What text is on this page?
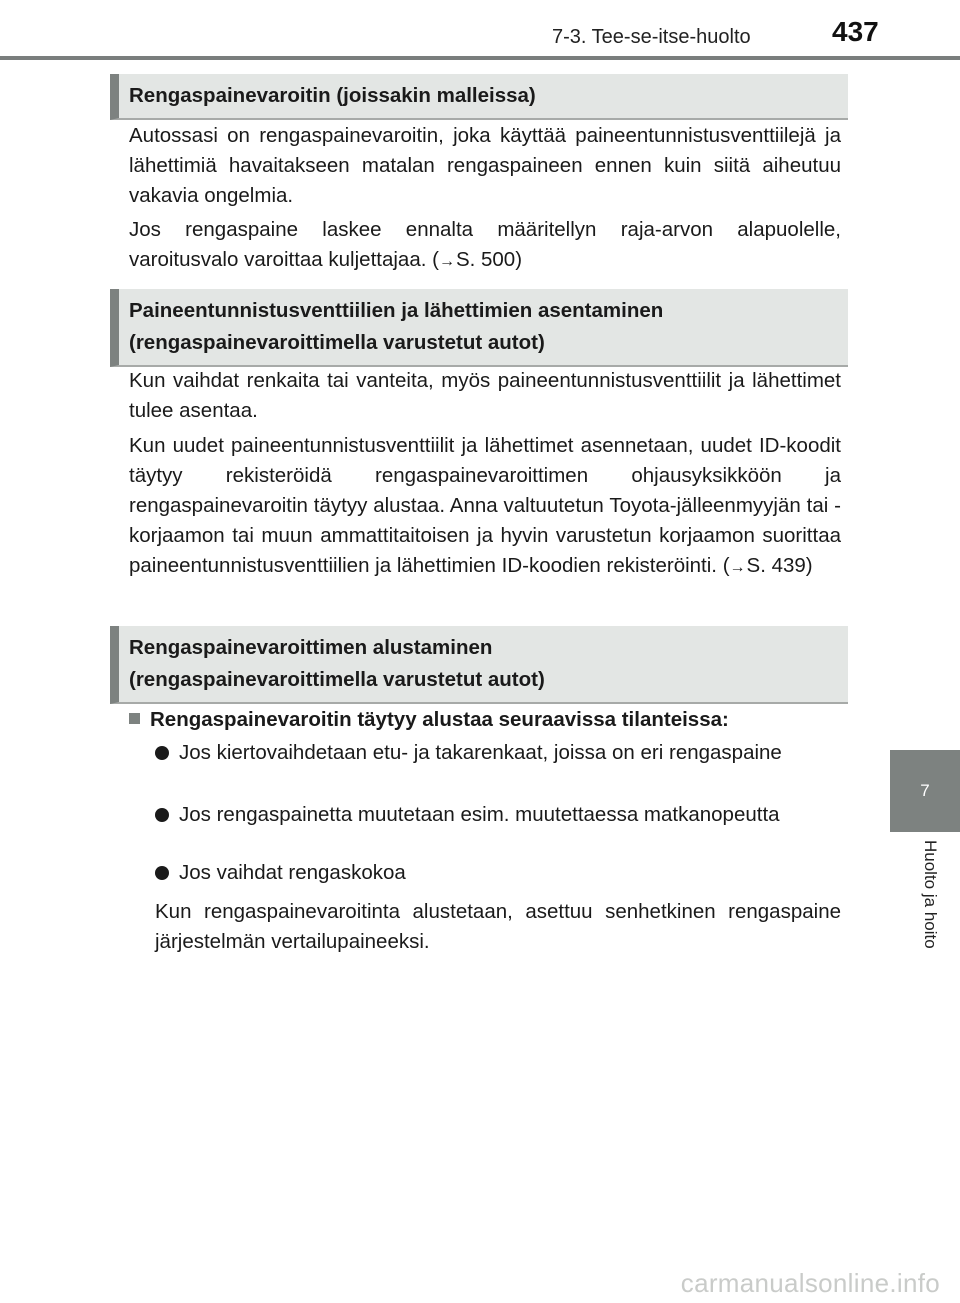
7-3. Tee-se-itse-huolto	437
7
Huolto ja hoito
Rengaspainevaroitin (joissakin malleissa)
Autossasi on rengaspainevaroitin, joka käyttää paineentunnistusventtiilejä ja lähettimiä havaitakseen matalan rengaspaineen ennen kuin siitä aiheutuu vakavia ongelmia.
Jos rengaspaine laskee ennalta määritellyn raja-arvon alapuolelle, varoitusvalo varoittaa kuljettajaa. (→S. 500)
Paineentunnistusventtiilien ja lähettimien asentaminen
(rengaspainevaroittimella varustetut autot)
Kun vaihdat renkaita tai vanteita, myös paineentunnistusventtiilit ja lähettimet tulee asentaa.
Kun uudet paineentunnistusventtiilit ja lähettimet asennetaan, uudet ID-koodit täytyy rekisteröidä rengaspainevaroittimen ohjausyksikköön ja rengaspainevaroitin täytyy alustaa. Anna valtuutetun Toyota-jälleenmyyjän tai -korjaamon tai muun ammattitaitoisen ja hyvin varustetun korjaamon suorittaa paineentunnistusventtiilien ja lähettimien ID-koodien rekisteröinti. (→S. 439)
Rengaspainevaroittimen alustaminen
(rengaspainevaroittimella varustetut autot)
Rengaspainevaroitin täytyy alustaa seuraavissa tilanteissa:
Jos kiertovaihdetaan etu- ja takarenkaat, joissa on eri rengaspaine
Jos rengaspainetta muutetaan esim. muutettaessa matkanopeutta
Jos vaihdat rengaskokoa
Kun rengaspainevaroitinta alustetaan, asettuu senhetkinen rengaspaine järjestelmän vertailupaineeksi.
carmanualsonline.info
